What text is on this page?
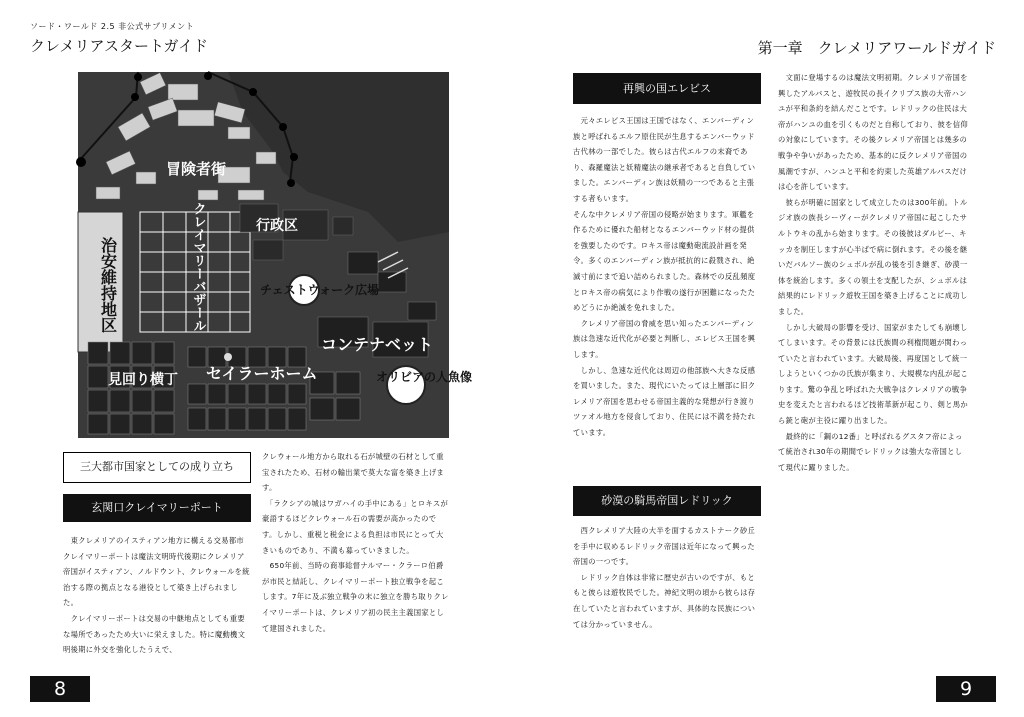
ソード・ワールド 2.5 非公式サプリメント
クレメリアスタートガイド	第一章　クレメリアワールドガイド
冒険者街
治安維持地区	クレイマリーバザール	行政区
チェストウォーク広場
コンテナベット
見回り横丁 セイラーホーム	オリビアの人魚像
三大都市国家としての成り立ち
玄関口クレイマリーポート
　東クレメリアのイスティアン地方に構える交易都市クレイマリーポートは魔法文明時代後期にクレメリア帝国がイスティアン、ノルドウント、クレウォールを統治する際の拠点となる港役として築き上げられました。
　クレイマリーポートは交易の中継地点としても重要な場所であったため大いに栄えました。特に魔動機文明後期に外交を強化したうえで、
クレウォール地方から取れる石が城壁の石材として重宝されたため、石材の輸出業で莫大な富を築き上げます。
　「ラクシアの城はワガハイの手中にある」とロキスが豪語するほどクレウォール石の需要が高かったのです。しかし、重税と税金による負担は市民にとって大きいものであり、不満も募っていきました。
　650年前、当時の商事総督ナルマー・クラーロ伯爵が市民と結託し、クレイマリーポート独立戦争を起こします。7年に及ぶ独立戦争の末に独立を勝ち取りクレイマリーポートは、クレメリア初の民主主義国家として建国されました。
再興の国エレビス
　元々エレビス王国は王国ではなく、エンバーディン族と呼ばれるエルフ原住民が生息するエンバーウッド古代林の一部でした。彼らは古代エルフの末裔であり、森羅魔法と妖精魔法の継承者であると自負していました。エンバーディン族は妖精の一つであると主張する者もいます。
そんな中クレメリア帝国の侵略が始まります。軍艦を作るために優れた船材となるエンバーウッド材の提供を強要したのです。ロキス帝は魔動砲流設計画を発令。多くのエンバーディン族が抵抗的に殺戮され、絶滅寸前にまで追い詰められました。森林での反乱頻度とロキス帝の病気により作戦の遂行が困難になったためどうにか絶滅を免れました。
　クレメリア帝国の脅威を思い知ったエンバーディン族は急速な近代化が必要と判断し、エレビス王国を興します。
　しかし、急速な近代化は周辺の他部族へ大きな反感を買いました。また、現代にいたっては上層部に旧クレメリア帝国を思わせる帝国主義的な発想が行き渡りツァオル地方を侵食しており、住民には不満を持たれています。
砂漠の騎馬帝国レドリック
　西クレメリア大陸の大半を面するカストナーク砂丘を手中に収めるレドリック帝国は近年になって興った帝国の一つです。
　レドリック自体は非常に歴史が古いのですが、もともと彼らは遊牧民でした。神紀文明の頃から彼らは存在していたと言われていますが、具体的な民族については分かっていません。
　文面に登場するのは魔法文明初期。クレメリア帝国を興したアルバスと、遊牧民の長イクリプス族の大帝ハンユが平和条約を結んだことです。レドリックの住民は大帝がハンユの血を引くものだと自称しており、彼を信仰の対象にしています。その後クレメリア帝国とは幾多の戦争や争いがあったため、基本的に反クレメリア帝国の風潮ですが、ハンユと平和を約束した英雄アルバスだけは心を許しています。
　彼らが明確に国家として成立したのは300年前。トルジオ族の族長シーヴィーがクレメリア帝国に起こしたサルトウキの乱から始まります。その後彼はダルビー、キッカを制圧しますが心半ばで病に倒れます。その後を継いだバルソー族のシュボルが乱の後を引き継ぎ、砂漠一体を統治します。多くの領土を支配したが、シュボルは結果的にレドリック遊牧王国を築き上げることに成功しました。
　しかし大破局の影響を受け、国家がまたしても崩壊してしまいます。その背景には氏族間の利権問題が関わっていたと言われています。大破局後、再度国として統一しようといくつかの氏族が集まり、大規模な内乱が起こります。驚の争乱と呼ばれた大戦争はクレメリアの戦争史を変えたと言われるほど技術革新が起こり、剣と馬から銃と砲が主役に躍り出ました。
　最終的に「鋼の12番」と呼ばれるグスタフ帝によって統治され30年の期間でレドリックは強大な帝国として現代に躍りました。
8	9
